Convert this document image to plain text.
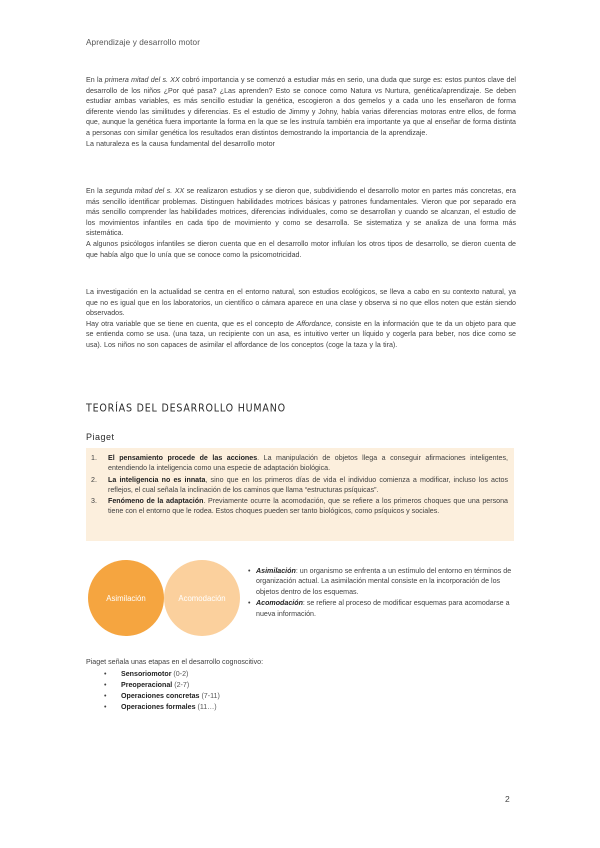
Aprendizaje y desarrollo motor

En la primera mitad del s. XX cobró importancia y se comenzó a estudiar más en serio, una duda que surge es: estos puntos clave del desarrollo de los niños ¿Por qué pasa? ¿Las aprenden? Esto se conoce como Natura vs Nurtura, genética/aprendizaje. Se deben estudiar ambas variables, es más sencillo estudiar la genética, escogieron a dos gemelos y a cada uno les enseñaron de forma diferente viendo las similitudes y diferencias. Es el estudio de Jimmy y Johny, había varias diferencias motoras entre ellos, de forma que, aunque la genética fuera importante la forma en la que se les instruía también era importante ya que al enseñar de forma distinta a personas con similar genética los resultados eran distintos demostrando la importancia de la aprendizaje.

La naturaleza es la causa fundamental del desarrollo motor

En la segunda mitad del s. XX se realizaron estudios y se dieron que, subdividiendo el desarrollo motor en partes más concretas, era más sencillo identificar problemas. Distinguen habilidades motrices básicas y patrones fundamentales. Vieron que por separado era más sencillo comprender las habilidades motrices, diferencias individuales, como se desarrollan y cuando se alcanzan, el estudio de los movimientos infantiles en cada tipo de movimiento y como se desarrolla. Se sistematiza y se analiza de una forma más sistemática.

A algunos psicólogos infantiles se dieron cuenta que en el desarrollo motor influían los otros tipos de desarrollo, se dieron cuenta de que había algo que lo unía que se conoce como la psicomotricidad.

La investigación en la actualidad se centra en el entorno natural, son estudios ecológicos, se lleva a cabo en su contexto natural, ya que no es igual que en los laboratorios, un científico o cámara aparece en una clase y observa si no que ellos noten que están siendo observados.

Hay otra variable que se tiene en cuenta, que es el concepto de Affordance, consiste en la información que te da un objeto para que se entienda como se usa. (una taza, un recipiente con un asa, es intuitivo verter un líquido y cogerla para beber, nos dice como se usa). Los niños no son capaces de asimilar el affordance de los conceptos (coge la taza y la tira).

TEORÍAS DEL DESARROLLO HUMANO
Piaget
1. El pensamiento procede de las acciones. La manipulación de objetos llega a conseguir afirmaciones inteligentes, entendiendo la inteligencia como una especie de adaptación biológica.
2. La inteligencia no es innata, sino que en los primeros días de vida el individuo comienza a modificar, incluso los actos reflejos, el cual señala la inclinación de los caminos que llama “estructuras psíquicas”.
3. Fenómeno de la adaptación. Previamente ocurre la acomodación, que se refiere a los primeros choques que una persona tiene con el entorno que le rodea. Estos choques pueden ser tanto biológicos, como psíquicos y sociales.
Asimilación	Acomodación
• Asimilación: un organismo se enfrenta a un estímulo del entorno en términos de organización actual. La asimilación mental consiste en la incorporación de los objetos dentro de los esquemas.
• Acomodación: se refiere al proceso de modificar esquemas para acomodarse a nueva información.
Piaget señala unas etapas en el desarrollo cognoscitivo:
• Sensoriomotor (0-2)
• Preoperacional (2-7)
• Operaciones concretas (7-11)
• Operaciones formales (11…)
2
